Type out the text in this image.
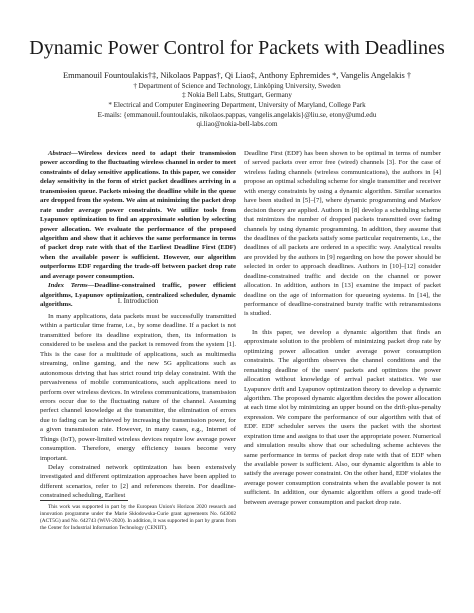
Dynamic Power Control for Packets with Deadlines
Emmanouil Fountoulakis†‡, Nikolaos Pappas†, Qi Liao‡, Anthony Ephremides *, Vangelis Angelakis †
† Department of Science and Technology, Linköping University, Sweden
‡ Nokia Bell Labs, Stuttgart, Germany
* Electrical and Computer Engineering Department, University of Maryland, College Park
E-mails: {emmanouil.fountoulakis, nikolaos.pappas, vangelis.angelakis}@liu.se, etony@umd.edu
qi.liao@nokia-bell-labs.com

Abstract—Wireless devices need to adapt their transmission power according to the fluctuating wireless channel in order to meet constraints of delay sensitive applications. In this paper, we consider delay sensitivity in the form of strict packet deadlines arriving in a transmission queue. Packets missing the deadline while in the queue are dropped from the system. We aim at minimizing the packet drop rate under average power constraints. We utilize tools from Lyapunov optimization to find an approximate solution by selecting power allocation. We evaluate the performance of the proposed algorithm and show that it achieves the same performance in terms of packet drop rate with that of the Earliest Deadline First (EDF) when the available power is sufficient. However, our algorithm outperforms EDF regarding the trade-off between packet drop rate and average power consumption.

Index Terms—Deadline-constrained traffic, power efficient algorithms, Lyapunov optimization, centralized scheduler, dynamic algorithms.	I. Introduction

In many applications, data packets must be successfully transmitted within a particular time frame, i.e., by some deadline. If a packet is not transmitted before its deadline expiration, then, its information is considered to be useless and the packet is removed from the system [1]. This is the case for a multitude of applications, such as multimedia streaming, online gaming, and the new 5G applications such as autonomous driving that has strict round trip delay constraint. With the pervasiveness of mobile communications, such applications need to perform over wireless devices. In wireless communications, transmission errors occur due to the fluctuating nature of the channel. Assuming perfect channel knowledge at the transmitter, the elimination of errors due to fading can be achieved by increasing the transmission power, for a given transmission rate. However, in many cases, e.g., Internet of Things (IoT), power-limited wireless devices require low average power consumption. Therefore, energy efficiency issues become very important.

Delay constrained network optimization has been extensively investigated and different optimization approaches have been applied to different scenarios, refer to [2] and references therein. For deadline-constrained scheduling, Earliest

This work was supported in part by the European Union's Horizon 2020 research and innovation programme under the Marie Skłodowska-Curie grant agreements No. 643002 (ACT5G) and No. 642743 (WiVi-2020). In addition, it was supported in part by grants from the Center for Industrial Information Technology (CENIIT).

Deadline First (EDF) has been shown to be optimal in terms of number of served packets over error free (wired) channels [3]. For the case of wireless fading channels (wireless communications), the authors in [4] propose an optimal scheduling scheme for single transmitter and receiver with energy constraints by using a dynamic algorithm. Similar scenarios have been studied in [5]–[7], where dynamic programming and Markov decision theory are applied. Authors in [8] develop a scheduling scheme that minimizes the number of dropped packets transmitted over fading channels by using dynamic programming. In addition, they assume that the deadlines of the packets satisfy some particular requirements, i.e., the deadlines of all packets are ordered in a specific way. Analytical results are provided by the authors in [9] regarding on how the power should be selected in order to approach deadlines. Authors in [10]–[12] consider deadline-constrained traffic and decide on the channel or power allocation. In addition, authors in [13] examine the impact of packet deadline on the age of information for queueing systems. In [14], the performance of deadline-constrained bursty traffic with retransmissions is studied.

In this paper, we develop a dynamic algorithm that finds an approximate solution to the problem of minimizing packet drop rate by optimizing power allocation under average power consumption constraints. The algorithm observes the channel conditions and the remaining deadline of the users' packets and optimizes the power allocation without knowledge of arrival packet statistics. We use Lyapunov drift and Lyapunov optimization theory to develop a dynamic algorithm. The proposed dynamic algorithm decides the power allocation at each time slot by minimizing an upper bound on the drift-plus-penalty expression. We compare the performance of our algorithm with that of EDF. EDF scheduler serves the users the packet with the shortest expiration time and assigns to that user the appropriate power. Numerical and simulation results show that our scheduling scheme achieves the same performance in terms of packet drop rate with that of EDF when the available power is sufficient. Also, our dynamic algorithm is able to satisfy the average power constraint. On the other hand, EDF violates the average power consumption constraints when the available power is not sufficient. In addition, our dynamic algorithm offers a good trade-off between average power consumption and packet drop rate.
